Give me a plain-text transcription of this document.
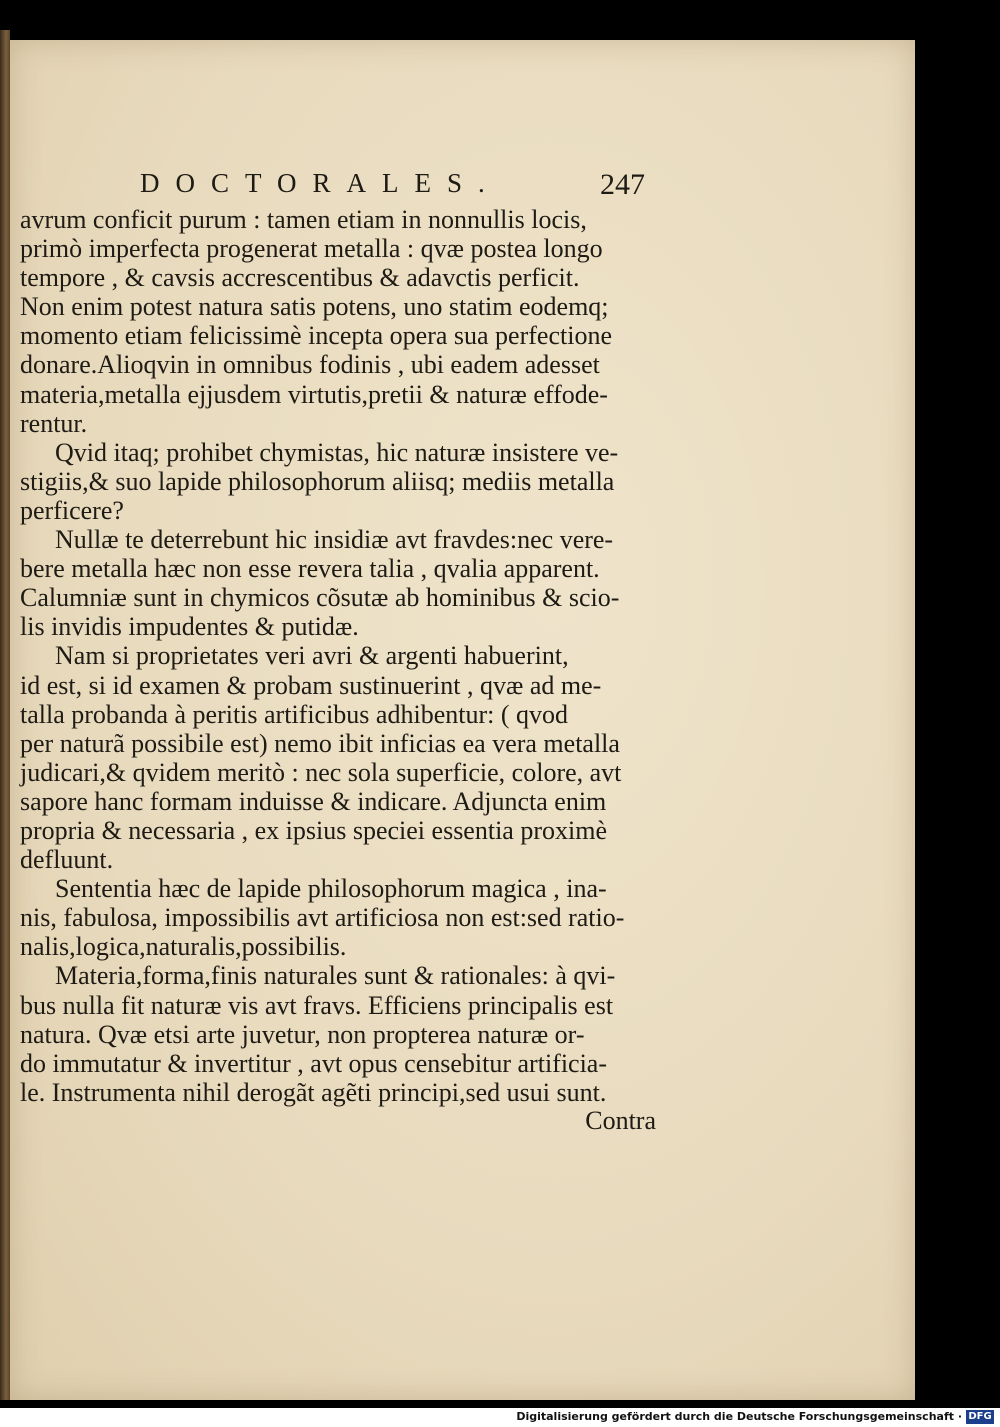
DOCTORALES.	247
avrum conficit purum : tamen etiam in nonnullis locis,
primò imperfecta progenerat metalla : qvæ postea longo
tempore , & cavsis accrescentibus & adavctis perficit.
Non enim potest natura satis potens, uno statim eodemq;
momento etiam felicissimè incepta opera sua perfectione
donare.Alioqvin in omnibus fodinis , ubi eadem adesset
materia,metalla ejjusdem virtutis,pretii & naturæ effode-
rentur.
Qvid itaq; prohibet chymistas, hic naturæ insistere ve-
stigiis,& suo lapide philosophorum aliisq; mediis metalla
perficere?
Nullæ te deterrebunt hic insidiæ avt fravdes:nec vere-
bere metalla hæc non esse revera talia , qvalia apparent.
Calumniæ sunt in chymicos cõsutæ ab hominibus & scio-
lis invidis impudentes & putidæ.
Nam si proprietates veri avri & argenti habuerint,
id est, si id examen & probam sustinuerint , qvæ ad me-
talla probanda à peritis artificibus adhibentur: ( qvod
per naturã possibile est) nemo ibit inficias ea vera metalla
judicari,& qvidem meritò : nec sola superficie, colore, avt
sapore hanc formam induisse & indicare. Adjuncta enim
propria & necessaria , ex ipsius speciei essentia proximè
defluunt.
Sententia hæc de lapide philosophorum magica , ina-
nis, fabulosa, impossibilis avt artificiosa non est:sed ratio-
nalis,logica,naturalis,possibilis.
Materia,forma,finis naturales sunt & rationales: à qvi-
bus nulla fit naturæ vis avt fravs. Efficiens principalis est
natura. Qvæ etsi arte juvetur, non propterea naturæ or-
do immutatur & invertitur , avt opus censebitur artificia-
le. Instrumenta nihil derogãt agẽti principi,sed usui sunt.
Contra
Digitalisierung gefördert durch die Deutsche Forschungsgemeinschaft · DFG
